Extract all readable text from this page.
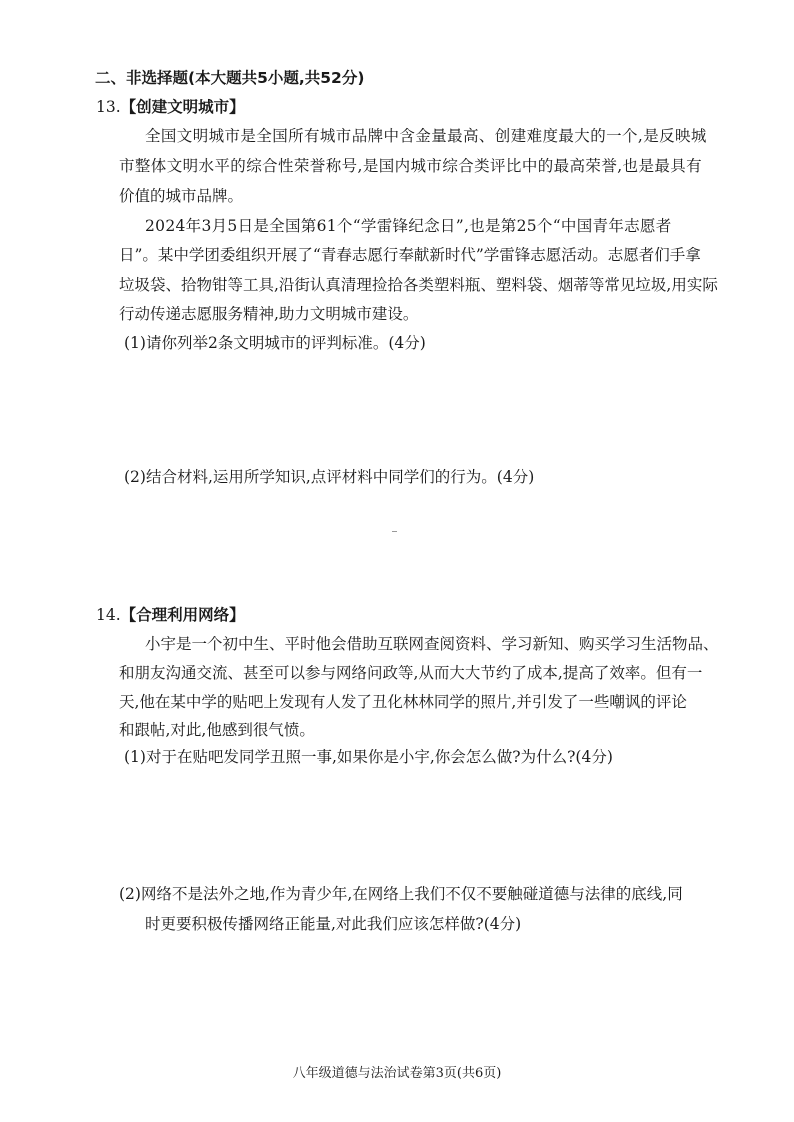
二、非选择题(本大题共5小题,共52分)
13.【创建文明城市】
全国文明城市是全国所有城市品牌中含金量最高、创建难度最大的一个,是反映城
市整体文明水平的综合性荣誉称号,是国内城市综合类评比中的最高荣誉,也是最具有
价值的城市品牌。
2024年3月5日是全国第61个“学雷锋纪念日”,也是第25个“中国青年志愿者
日”。某中学团委组织开展了“青春志愿行奉献新时代”学雷锋志愿活动。志愿者们手拿
垃圾袋、拾物钳等工具,沿街认真清理捡拾各类塑料瓶、塑料袋、烟蒂等常见垃圾,用实际
行动传递志愿服务精神,助力文明城市建设。
(1)请你列举2条文明城市的评判标准。(4分)
(2)结合材料,运用所学知识,点评材料中同学们的行为。(4分)
14.【合理利用网络】
小宇是一个初中生、平时他会借助互联网查阅资料、学习新知、购买学习生活物品、
和朋友沟通交流、甚至可以参与网络问政等,从而大大节约了成本,提高了效率。但有一
天,他在某中学的贴吧上发现有人发了丑化林林同学的照片,并引发了一些嘲讽的评论
和跟帖,对此,他感到很气愤。
(1)对于在贴吧发同学丑照一事,如果你是小宇,你会怎么做?为什么?(4分)
(2)网络不是法外之地,作为青少年,在网络上我们不仅不要触碰道德与法律的底线,同
时更要积极传播网络正能量,对此我们应该怎样做?(4分)
八年级道德与法治试卷第3页(共6页)
